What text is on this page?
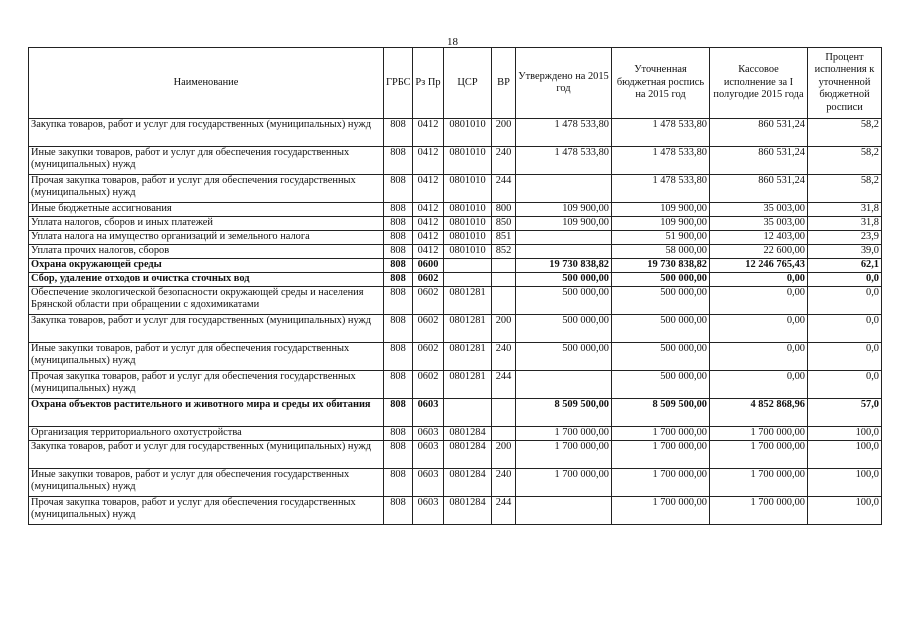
18
Наименование	ГРБС	Рз Пр	ЦСР	ВР	Утверждено на 2015 год	Уточненная бюджетная роспись на 2015 год	Кассовое исполнение за I полугодие 2015 года	Процент исполнения к уточненной бюджетной росписи
Закупка товаров, работ и услуг для государственных (муниципальных) нужд	808	0412	0801010	200	1 478 533,80	1 478 533,80	860 531,24	58,2
Иные закупки товаров, работ и услуг для обеспечения государственных (муниципальных) нужд	808	0412	0801010	240	1 478 533,80	1 478 533,80	860 531,24	58,2
Прочая закупка товаров, работ и услуг для обеспечения государственных (муниципальных) нужд	808	0412	0801010	244		1 478 533,80	860 531,24	58,2
Иные бюджетные ассигнования	808	0412	0801010	800	109 900,00	109 900,00	35 003,00	31,8
Уплата налогов, сборов и иных платежей	808	0412	0801010	850	109 900,00	109 900,00	35 003,00	31,8
Уплата налога на имущество организаций и земельного налога	808	0412	0801010	851		51 900,00	12 403,00	23,9
Уплата прочих налогов, сборов	808	0412	0801010	852		58 000,00	22 600,00	39,0
Охрана окружающей среды	808	0600			19 730 838,82	19 730 838,82	12 246 765,43	62,1
Сбор, удаление отходов и очистка сточных вод	808	0602			500 000,00	500 000,00	0,00	0,0
Обеспечение экологической безопасности окружающей среды и населения Брянской области при обращении с ядохимикатами	808	0602	0801281		500 000,00	500 000,00	0,00	0,0
Закупка товаров, работ и услуг для государственных (муниципальных) нужд	808	0602	0801281	200	500 000,00	500 000,00	0,00	0,0
Иные закупки товаров, работ и услуг для обеспечения государственных (муниципальных) нужд	808	0602	0801281	240	500 000,00	500 000,00	0,00	0,0
Прочая закупка товаров, работ и услуг для обеспечения государственных (муниципальных) нужд	808	0602	0801281	244		500 000,00	0,00	0,0
Охрана объектов растительного и животного мира и среды их обитания	808	0603			8 509 500,00	8 509 500,00	4 852 868,96	57,0
Организация территориального охотустройства	808	0603	0801284		1 700 000,00	1 700 000,00	1 700 000,00	100,0
Закупка товаров, работ и услуг для государственных (муниципальных) нужд	808	0603	0801284	200	1 700 000,00	1 700 000,00	1 700 000,00	100,0
Иные закупки товаров, работ и услуг для обеспечения государственных (муниципальных) нужд	808	0603	0801284	240	1 700 000,00	1 700 000,00	1 700 000,00	100,0
Прочая закупка товаров, работ и услуг для обеспечения государственных (муниципальных) нужд	808	0603	0801284	244		1 700 000,00	1 700 000,00	100,0
